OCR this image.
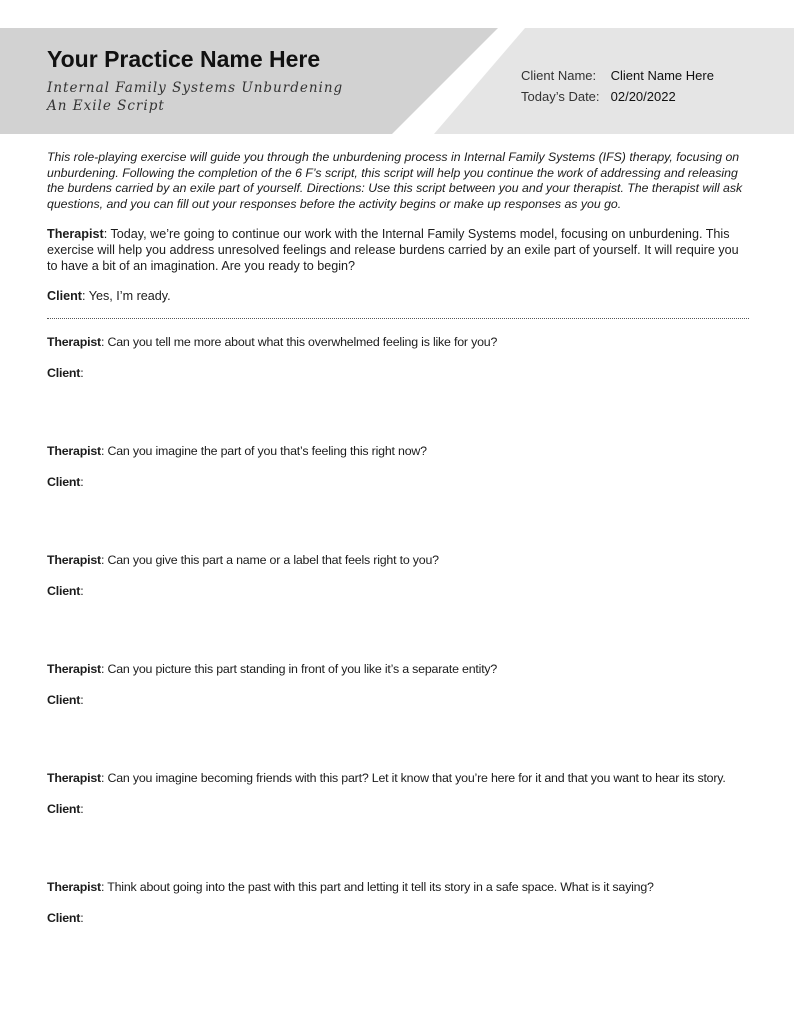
Your Practice Name Here
Internal Family Systems Unburdening
An Exile Script
Client Name: Client Name Here
Today’s Date: 02/20/2022

This role-playing exercise will guide you through the unburdening process in Internal Family Systems (IFS) therapy, focusing on unburdening. Following the completion of the 6 F’s script, this script will help you continue the work of addressing and releasing the burdens carried by an exile part of yourself. Directions: Use this script between you and your therapist. The therapist will ask questions, and you can fill out your responses before the activity begins or make up responses as you go.

Therapist: Today, we’re going to continue our work with the Internal Family Systems model, focusing on unburdening. This exercise will help you address unresolved feelings and release burdens carried by an exile part of yourself. It will require you to have a bit of an imagination. Are you ready to begin?

Client: Yes, I’m ready.

Therapist: Can you tell me more about what this overwhelmed feeling is like for you?
Client:
Therapist: Can you imagine the part of you that’s feeling this right now?
Client:
Therapist: Can you give this part a name or a label that feels right to you?
Client:
Therapist: Can you picture this part standing in front of you like it’s a separate entity?
Client:
Therapist: Can you imagine becoming friends with this part? Let it know that you’re here for it and that you want to hear its story.
Client:
Therapist: Think about going into the past with this part and letting it tell its story in a safe space. What is it saying?
Client:
